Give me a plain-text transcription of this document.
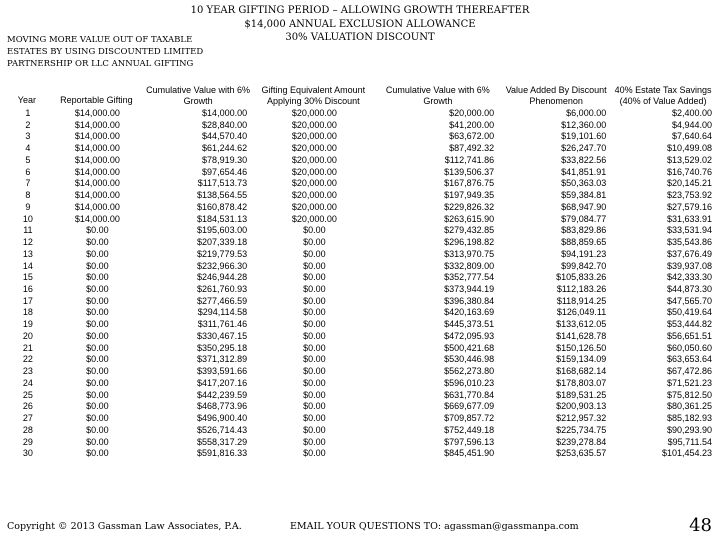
10 YEAR GIFTING PERIOD – ALLOWING GROWTH THEREAFTER
$14,000 ANNUAL EXCLUSION ALLOWANCE
30% VALUATION DISCOUNT
MOVING MORE VALUE OUT OF TAXABLE
ESTATES BY USING DISCOUNTED LIMITED
PARTNERSHIP OR LLC ANNUAL GIFTING
Year	Reportable Gifting	Cumulative Value with 6% Growth	Gifting Equivalent Amount Applying 30% Discount	Cumulative Value with 6% Growth	Value Added By Discount Phenomenon	40% Estate Tax Savings (40% of Value Added)
1	$14,000.00	$14,000.00	$20,000.00	$20,000.00	$6,000.00	$2,400.00
2	$14,000.00	$28,840.00	$20,000.00	$41,200.00	$12,360.00	$4,944.00
3	$14,000.00	$44,570.40	$20,000.00	$63,672.00	$19,101.60	$7,640.64
4	$14,000.00	$61,244.62	$20,000.00	$87,492.32	$26,247.70	$10,499.08
5	$14,000.00	$78,919.30	$20,000.00	$112,741.86	$33,822.56	$13,529.02
6	$14,000.00	$97,654.46	$20,000.00	$139,506.37	$41,851.91	$16,740.76
7	$14,000.00	$117,513.73	$20,000.00	$167,876.75	$50,363.03	$20,145.21
8	$14,000.00	$138,564.55	$20,000.00	$197,949.35	$59,384.81	$23,753.92
9	$14,000.00	$160,878.42	$20,000.00	$229,826.32	$68,947.90	$27,579.16
10	$14,000.00	$184,531.13	$20,000.00	$263,615.90	$79,084.77	$31,633.91
11	$0.00	$195,603.00	$0.00	$279,432.85	$83,829.86	$33,531.94
12	$0.00	$207,339.18	$0.00	$296,198.82	$88,859.65	$35,543.86
13	$0.00	$219,779.53	$0.00	$313,970.75	$94,191.23	$37,676.49
14	$0.00	$232,966.30	$0.00	$332,809.00	$99,842.70	$39,937.08
15	$0.00	$246,944.28	$0.00	$352,777.54	$105,833.26	$42,333.30
16	$0.00	$261,760.93	$0.00	$373,944.19	$112,183.26	$44,873.30
17	$0.00	$277,466.59	$0.00	$396,380.84	$118,914.25	$47,565.70
18	$0.00	$294,114.58	$0.00	$420,163.69	$126,049.11	$50,419.64
19	$0.00	$311,761.46	$0.00	$445,373.51	$133,612.05	$53,444.82
20	$0.00	$330,467.15	$0.00	$472,095.93	$141,628.78	$56,651.51
21	$0.00	$350,295.18	$0.00	$500,421.68	$150,126.50	$60,050.60
22	$0.00	$371,312.89	$0.00	$530,446.98	$159,134.09	$63,653.64
23	$0.00	$393,591.66	$0.00	$562,273.80	$168,682.14	$67,472.86
24	$0.00	$417,207.16	$0.00	$596,010.23	$178,803.07	$71,521.23
25	$0.00	$442,239.59	$0.00	$631,770.84	$189,531.25	$75,812.50
26	$0.00	$468,773.96	$0.00	$669,677.09	$200,903.13	$80,361.25
27	$0.00	$496,900.40	$0.00	$709,857.72	$212,957.32	$85,182.93
28	$0.00	$526,714.43	$0.00	$752,449.18	$225,734.75	$90,293.90
29	$0.00	$558,317.29	$0.00	$797,596.13	$239,278.84	$95,711.54
30	$0.00	$591,816.33	$0.00	$845,451.90	$253,635.57	$101,454.23
Copyright © 2013 Gassman Law Associates, P.A.	EMAIL YOUR QUESTIONS TO: agassman@gassmanpa.com	48
